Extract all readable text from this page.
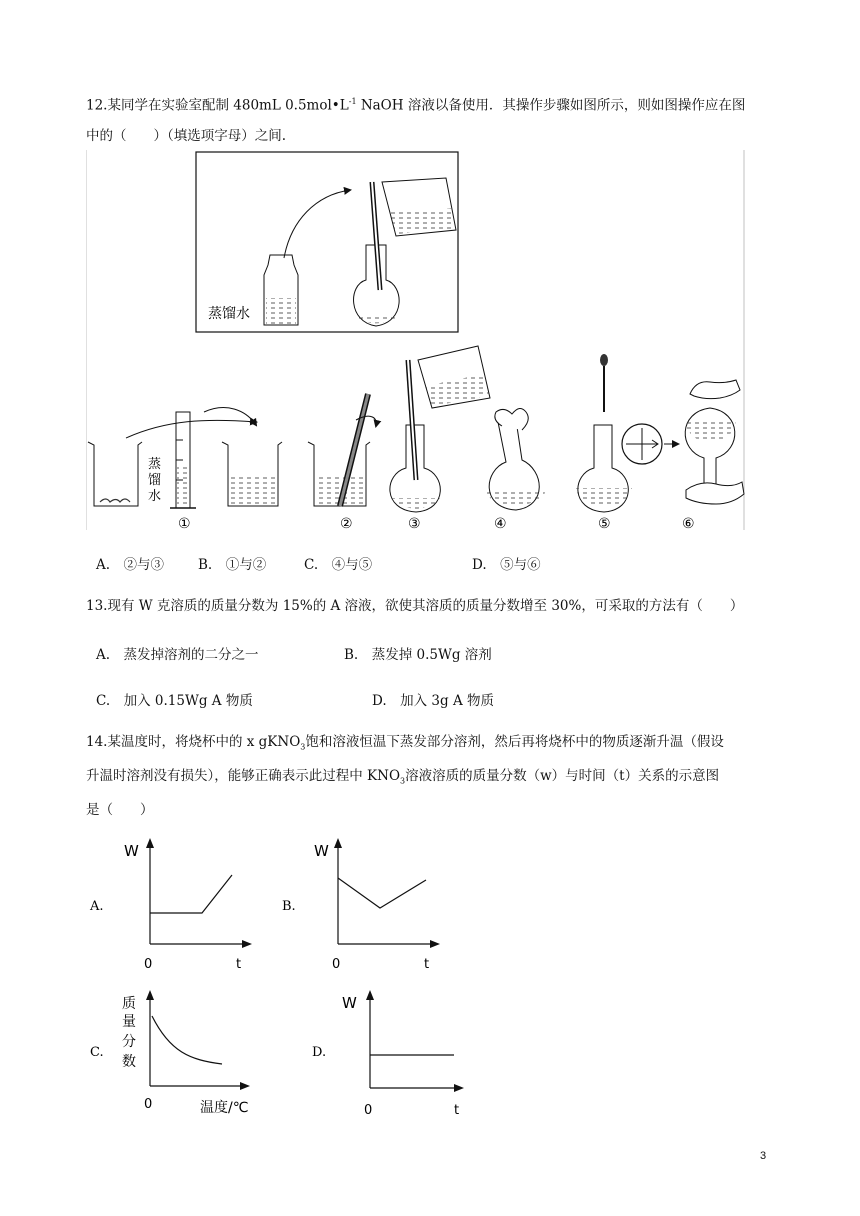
12.某同学在实验室配制 480mL $0.5mol•L^{-1}$ NaOH 溶液以备使用．其操作步骤如图所示，则如图操作应在图
中的（　　）（填选项字母）之间.
蒸馏水
蒸
馏
水
①	②	③	④	⑤	⑥
A.　②与③	B.　①与②	C.　④与⑤	D.　⑤与⑥
13.现有 W 克溶质的质量分数为 15%的 A 溶液，欲使其溶质的质量分数增至 30%，可采取的方法有（　　）
A.　蒸发掉溶剂的二分之一	B.　蒸发掉 0.5Wg 溶剂
C.　加入 0.15Wg A 物质	D.　加入 3g A 物质
14.某温度时，将烧杯中的 x gKNO$_3$饱和溶液恒温下蒸发部分溶剂，然后再将烧杯中的物质逐渐升温（假设
升温时溶剂没有损失），能够正确表示此过程中 $KNO_3$溶液溶质的质量分数（w）与时间（t）关系的示意图
是（　　）
A.
W
0	t
B.
W
0	t
C.
质
量
分
数
0	温度/℃
D.
W
0	t
3
